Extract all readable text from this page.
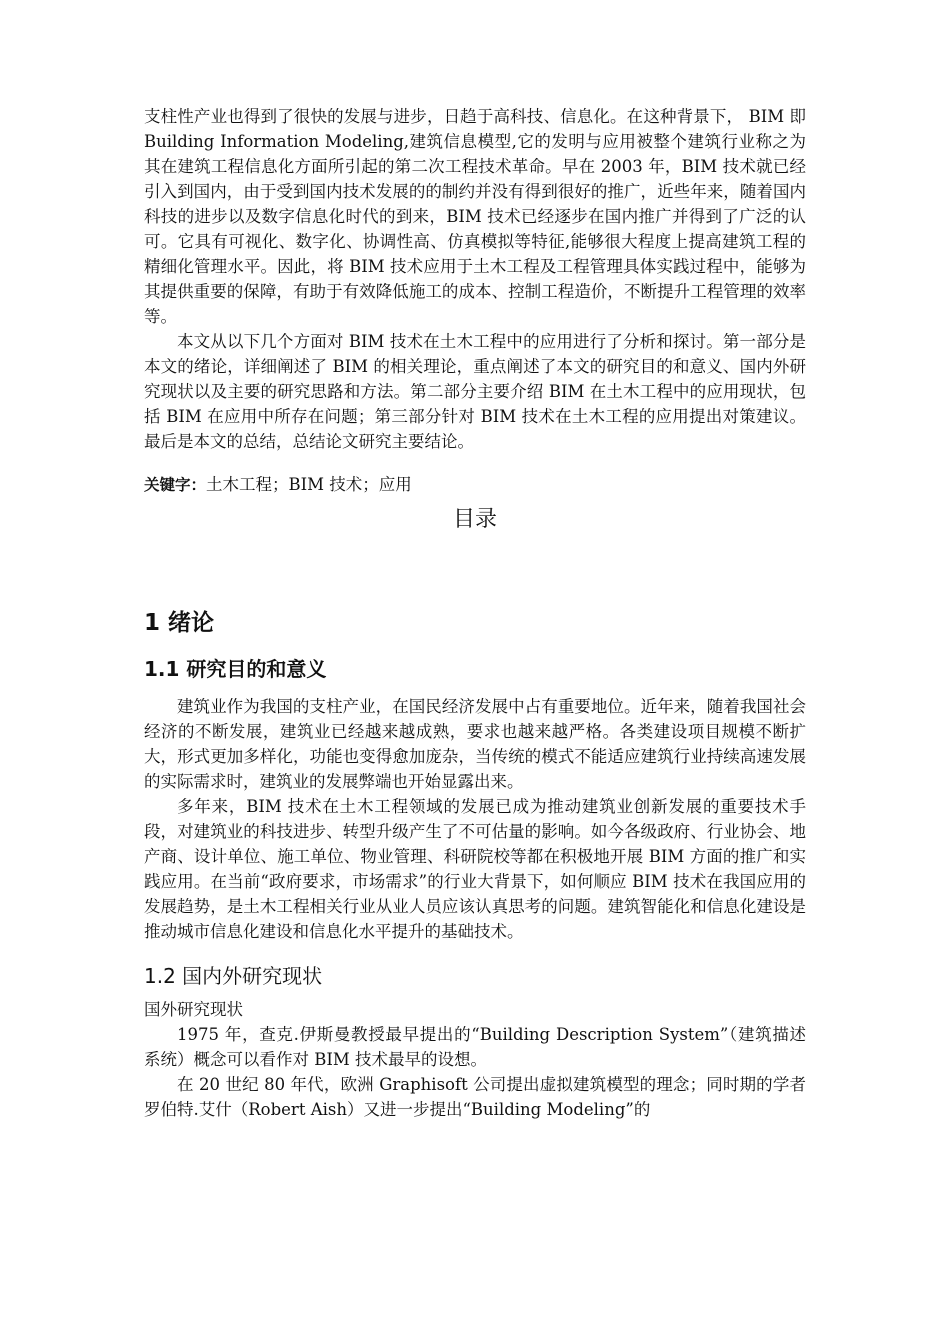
支柱性产业也得到了很快的发展与进步，日趋于高科技、信息化。在这种背景下， BIM 即 Building Information Modeling,建筑信息模型,它的发明与应用被整个建筑行业称之为其在建筑工程信息化方面所引起的第二次工程技术革命。早在 2003 年，BIM 技术就已经引入到国内，由于受到国内技术发展的的制约并没有得到很好的推广，近些年来，随着国内科技的进步以及数字信息化时代的到来，BIM 技术已经逐步在国内推广并得到了广泛的认可。它具有可视化、数字化、协调性高、仿真模拟等特征,能够很大程度上提高建筑工程的精细化管理水平。因此，将 BIM 技术应用于土木工程及工程管理具体实践过程中，能够为其提供重要的保障，有助于有效降低施工的成本、控制工程造价，不断提升工程管理的效率等。

本文从以下几个方面对 BIM 技术在土木工程中的应用进行了分析和探讨。第一部分是本文的绪论，详细阐述了 BIM 的相关理论，重点阐述了本文的研究目的和意义、国内外研究现状以及主要的研究思路和方法。第二部分主要介绍 BIM 在土木工程中的应用现状，包括 BIM 在应用中所存在问题；第三部分针对 BIM 技术在土木工程的应用提出对策建议。最后是本文的总结，总结论文研究主要结论。

关键字：土木工程；BIM 技术；应用
目录
1 绪论
1.1 研究目的和意义

建筑业作为我国的支柱产业，在国民经济发展中占有重要地位。近年来，随着我国社会经济的不断发展，建筑业已经越来越成熟，要求也越来越严格。各类建设项目规模不断扩大，形式更加多样化，功能也变得愈加庞杂，当传统的模式不能适应建筑行业持续高速发展的实际需求时，建筑业的发展弊端也开始显露出来。

多年来，BIM 技术在土木工程领域的发展已成为推动建筑业创新发展的重要技术手段，对建筑业的科技进步、转型升级产生了不可估量的影响。如今各级政府、行业协会、地产商、设计单位、施工单位、物业管理、科研院校等都在积极地开展 BIM 方面的推广和实践应用。在当前“政府要求，市场需求”的行业大背景下，如何顺应 BIM 技术在我国应用的发展趋势，是土木工程相关行业从业人员应该认真思考的问题。建筑智能化和信息化建设是推动城市信息化建设和信息化水平提升的基础技术。

1.2 国内外研究现状
国外研究现状

1975 年，查克.伊斯曼教授最早提出的“Building Description System”（建筑描述系统）概念可以看作对 BIM 技术最早的设想。

在 20 世纪 80 年代，欧洲 Graphisoft 公司提出虚拟建筑模型的理念；同时期的学者罗伯特.艾什（Robert Aish）又进一步提出“Building Modeling”的
